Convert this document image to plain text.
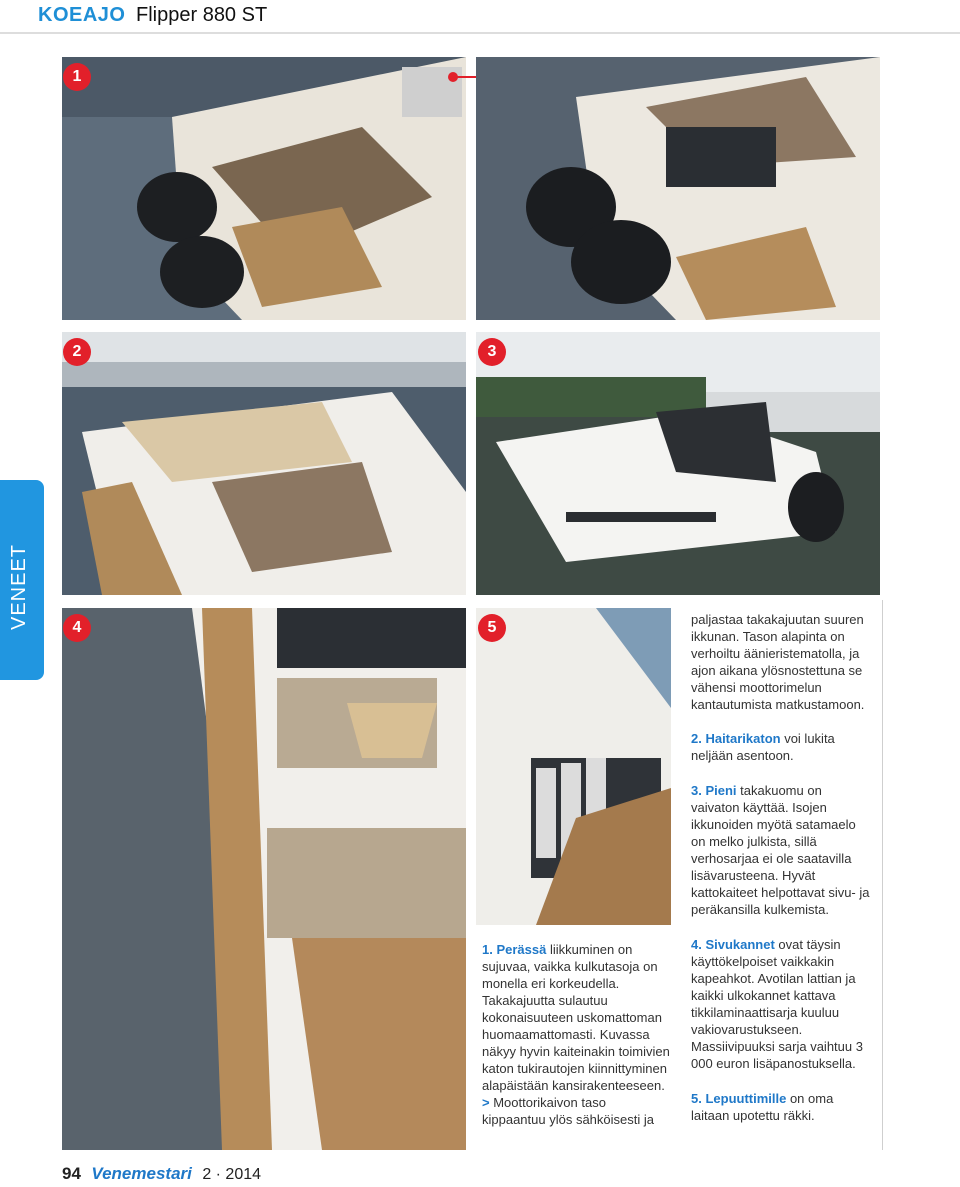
KOEAJO Flipper 880 ST
1
2	3
4	5
VENEET	paljastaa takakajuutan suuren ikkunan. Tason alapinta on verhoiltu äänieristematolla, ja ajon aikana ylösnostettuna se vähensi moottorimelun kantautumista matkustamoon.

2. Haitarikaton voi lukita neljään asentoon.

3. Pieni takakuomu on vaivaton käyttää. Isojen ikkunoiden myötä satamaelo on melko julkista, sillä verhosarjaa ei ole saatavilla lisävarusteena. Hyvät kattokaiteet helpottavat sivu- ja peräkansilla kulkemista.

1. Perässä liikkuminen on sujuvaa, vaikka kulkutasoja on monella eri korkeudella. Takakajuutta sulautuu kokonaisuuteen uskomattoman huomaamattomasti. Kuvassa näkyy hyvin kaiteinakin toimivien katon tukirautojen kiinnittyminen alapäistään kansirakenteeseen. > Moottorikaivon taso kippaantuu ylös sähköisesti ja

4. Sivukannet ovat täysin käyttökelpoiset vaikkakin kapeahkot. Avotilan lattian ja kaikki ulkokannet kattava tikkilaminaattisarja kuuluu vakiovarustukseen. Massiivipuuksi sarja vaihtuu 3 000 euron lisäpanostuksella.

5. Lepuuttimille on oma laitaan upotettu räkki.

94 Venemestari 2 · 2014
